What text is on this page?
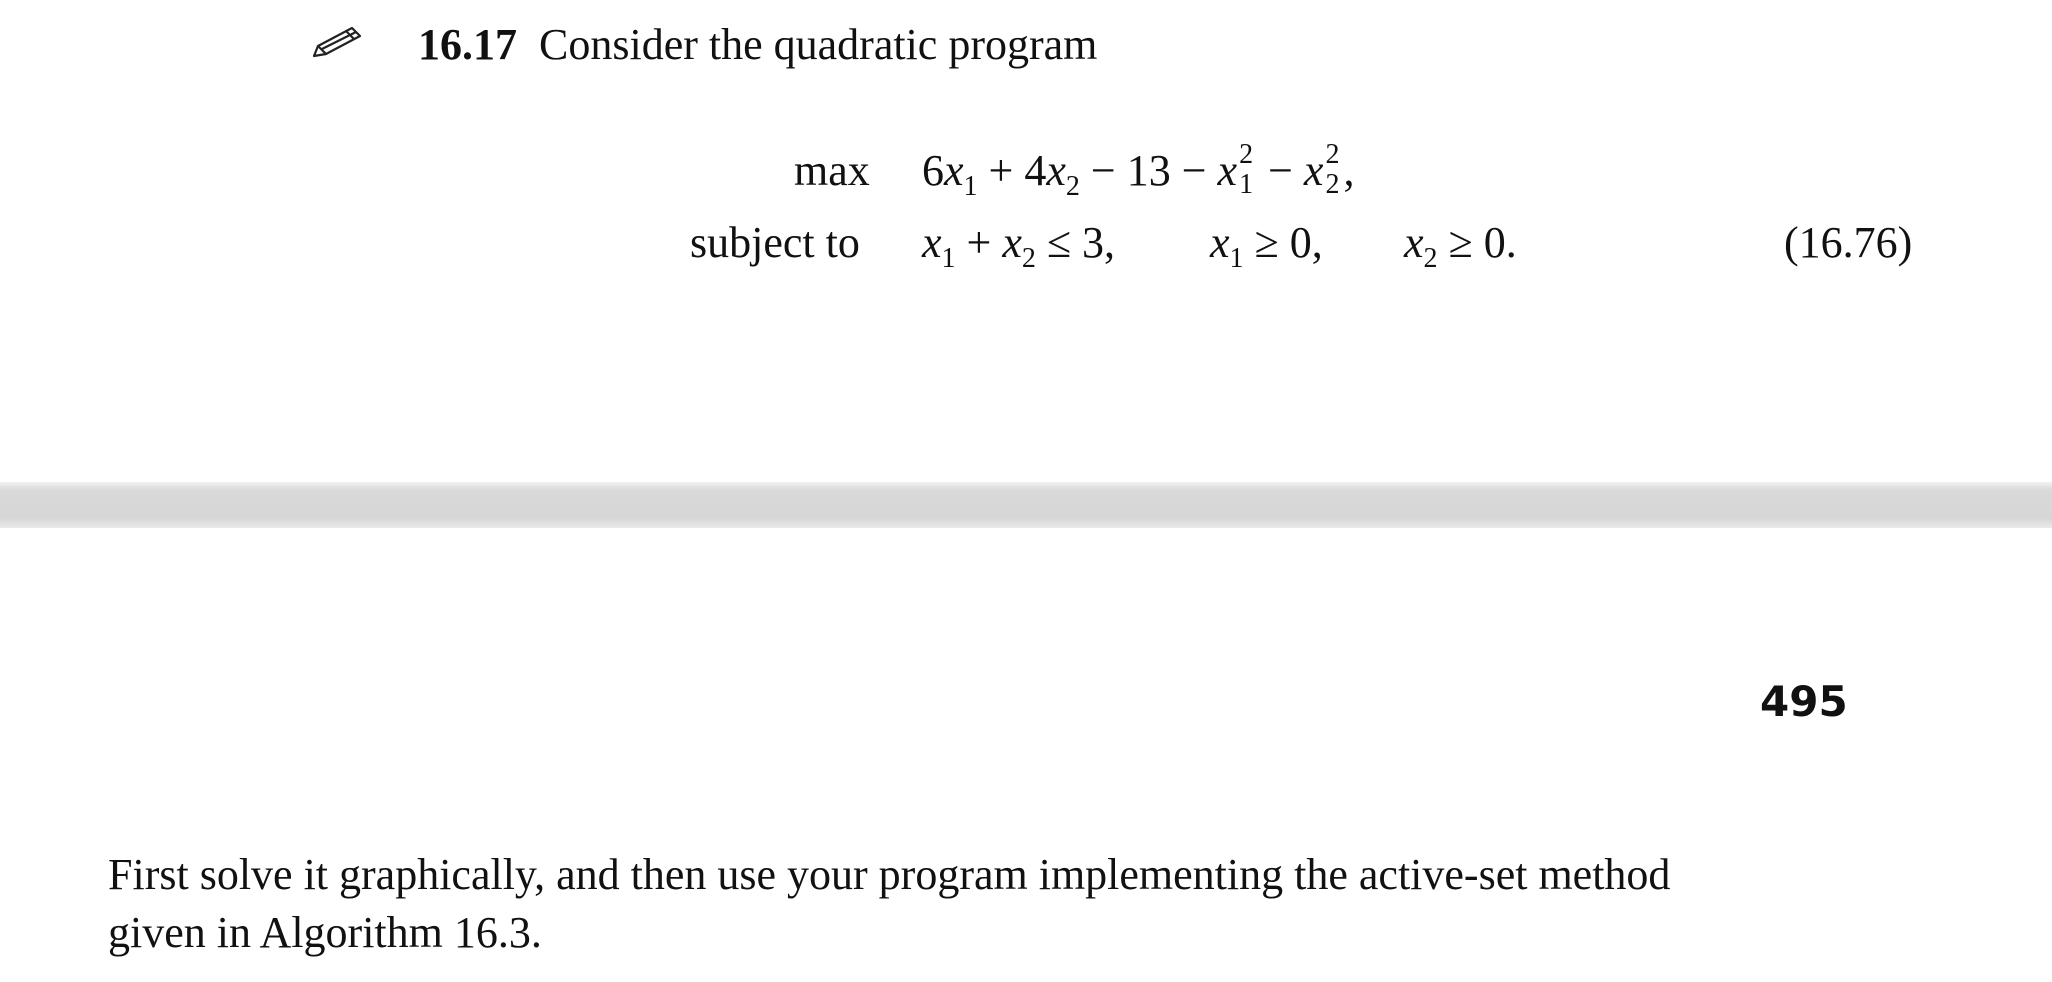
16.17 Consider the quadratic program
$\max 6x_1 + 4x_2 - 13 - x$ 2
1 − x 2
2 ,
subject to $x_1 + x_2 \le 3$, $x_1 \ge 0$, $x_2 \ge 0$.	(16.76)
495
First solve it graphically, and then use your program implementing the active-set method
given in Algorithm 16.3.
